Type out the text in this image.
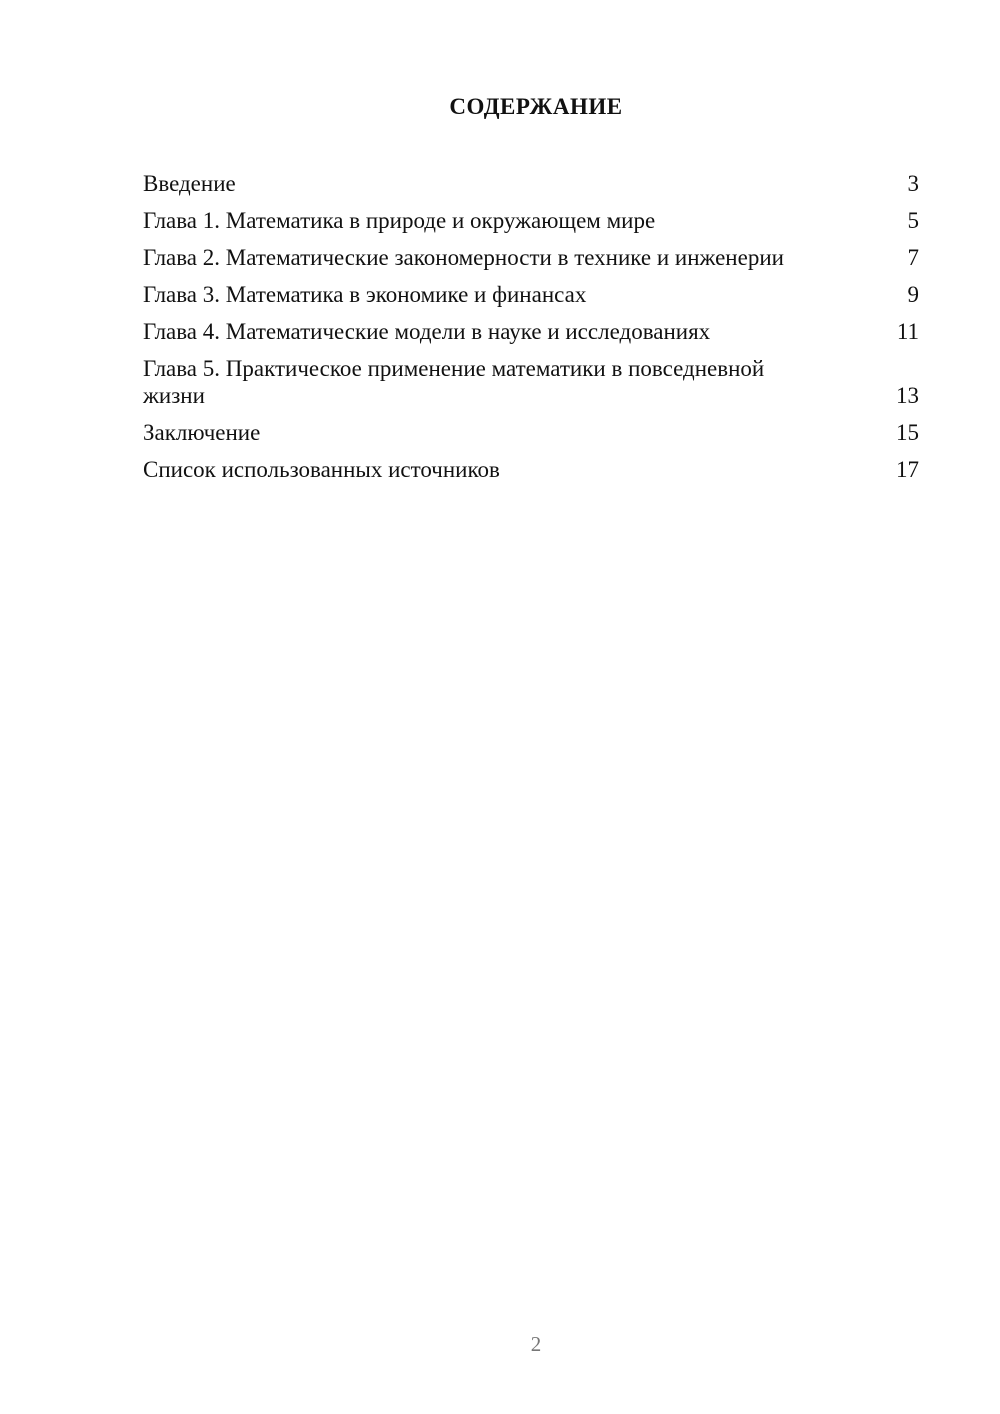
СОДЕРЖАНИЕ
Введение	3
Глава 1. Математика в природе и окружающем мире	5
Глава 2. Математические закономерности в технике и инженерии	7
Глава 3. Математика в экономике и финансах	9
Глава 4. Математические модели в науке и исследованиях	11
Глава 5. Практическое применение математики в повседневной жизни	13
Заключение	15
Список использованных источников	17
2
